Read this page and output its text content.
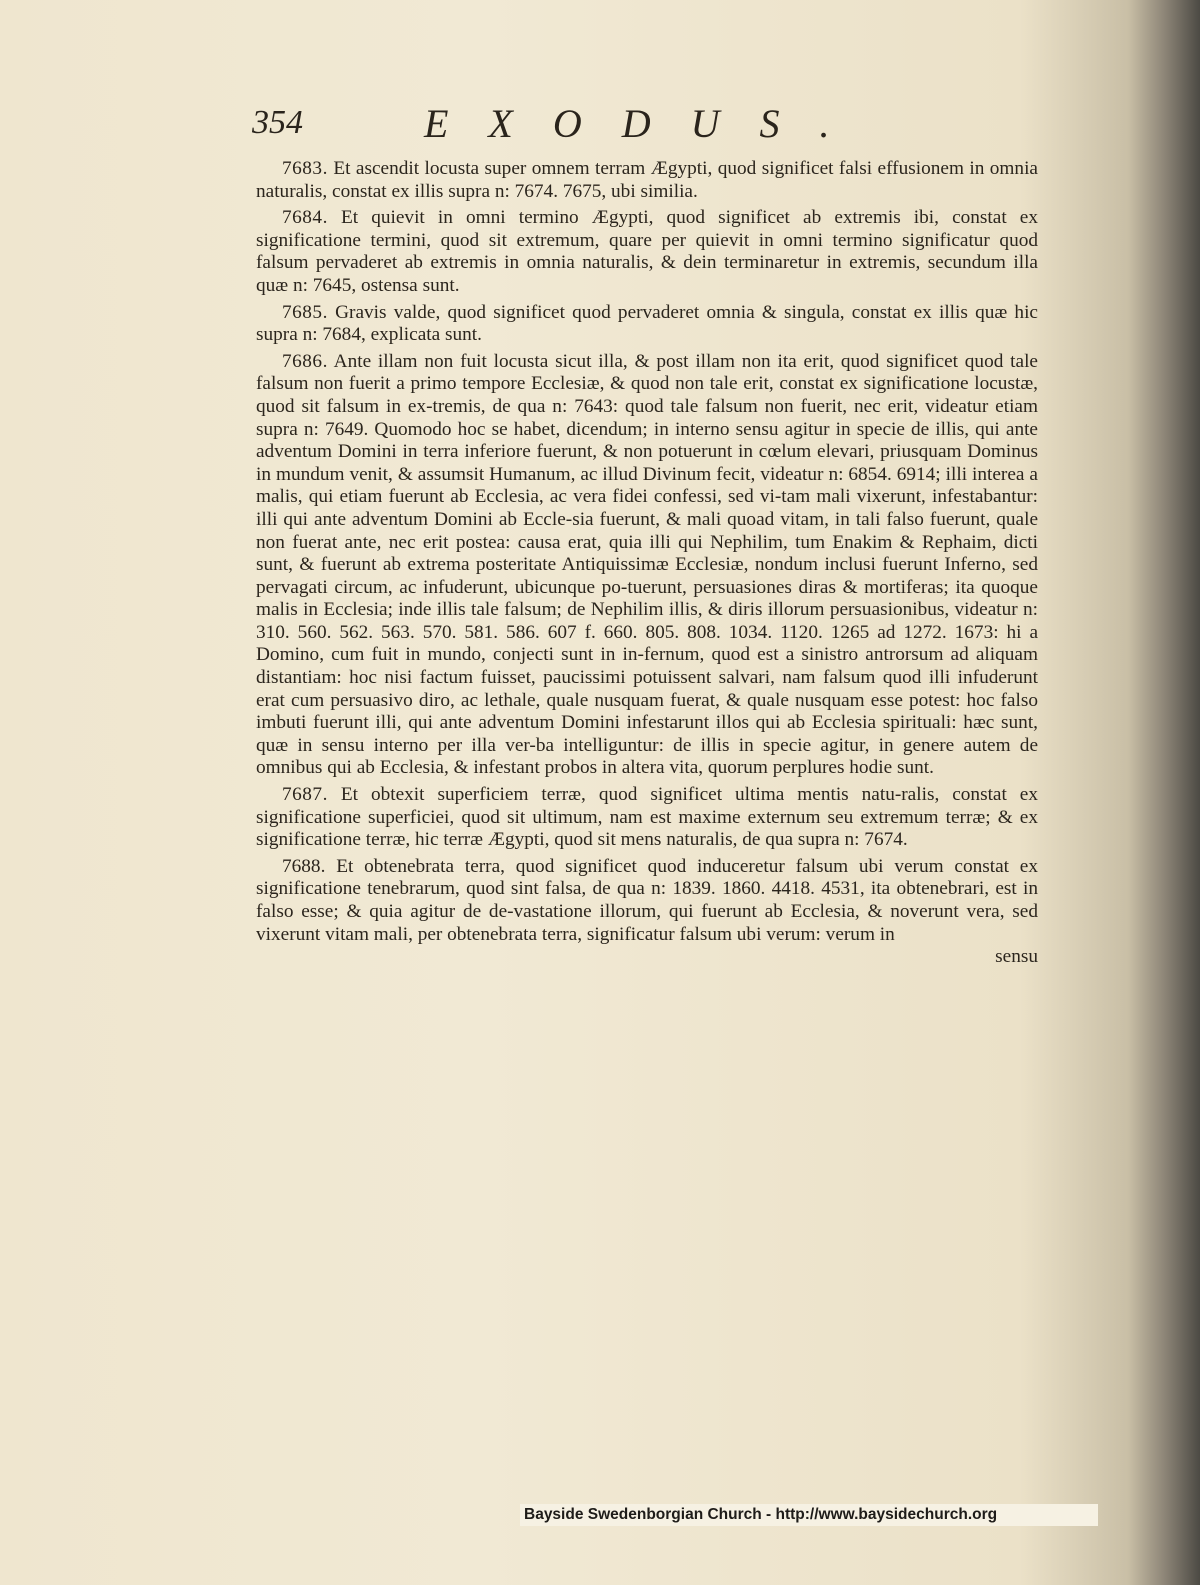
354	EXODUS.

7683. Et ascendit locusta super omnem terram Ægypti, quod significet falsi effusionem in omnia naturalis, constat ex illis supra n: 7674. 7675, ubi similia.

7684. Et quievit in omni termino Ægypti, quod significet ab extremis ibi, constat ex significatione termini, quod sit extremum, quare per quievit in omni termino significatur quod falsum pervaderet ab extremis in omnia naturalis, & dein terminaretur in extremis, secundum illa quæ n: 7645, ostensa sunt.

7685. Gravis valde, quod significet quod pervaderet omnia & singula, constat ex illis quæ hic supra n: 7684, explicata sunt.

7686. Ante illam non fuit locusta sicut illa, & post illam non ita erit, quod significet quod tale falsum non fuerit a primo tempore Ecclesiæ, & quod non tale erit, constat ex significatione locustæ, quod sit falsum in ex-tremis, de qua n: 7643: quod tale falsum non fuerit, nec erit, videatur etiam supra n: 7649. Quomodo hoc se habet, dicendum; in interno sensu agitur in specie de illis, qui ante adventum Domini in terra inferiore fuerunt, & non potuerunt in cœlum elevari, priusquam Dominus in mundum venit, & assumsit Humanum, ac illud Divinum fecit, videatur n: 6854. 6914; illi interea a malis, qui etiam fuerunt ab Ecclesia, ac vera fidei confessi, sed vi-tam mali vixerunt, infestabantur: illi qui ante adventum Domini ab Eccle-sia fuerunt, & mali quoad vitam, in tali falso fuerunt, quale non fuerat ante, nec erit postea: causa erat, quia illi qui Nephilim, tum Enakim & Rephaim, dicti sunt, & fuerunt ab extrema posteritate Antiquissimæ Ecclesiæ, nondum inclusi fuerunt Inferno, sed pervagati circum, ac infuderunt, ubicunque po-tuerunt, persuasiones diras & mortiferas; ita quoque malis in Ecclesia; inde illis tale falsum; de Nephilim illis, & diris illorum persuasionibus, videatur n: 310. 560. 562. 563. 570. 581. 586. 607 f. 660. 805. 808. 1034. 1120. 1265 ad 1272. 1673: hi a Domino, cum fuit in mundo, conjecti sunt in in-fernum, quod est a sinistro antrorsum ad aliquam distantiam: hoc nisi factum fuisset, paucissimi potuissent salvari, nam falsum quod illi infuderunt erat cum persuasivo diro, ac lethale, quale nusquam fuerat, & quale nusquam esse potest: hoc falso imbuti fuerunt illi, qui ante adventum Domini infestarunt illos qui ab Ecclesia spirituali: hæc sunt, quæ in sensu interno per illa ver-ba intelliguntur: de illis in specie agitur, in genere autem de omnibus qui ab Ecclesia, & infestant probos in altera vita, quorum perplures hodie sunt.

7687. Et obtexit superficiem terræ, quod significet ultima mentis natu-ralis, constat ex significatione superficiei, quod sit ultimum, nam est maxime externum seu extremum terræ; & ex significatione terræ, hic terræ Ægypti, quod sit mens naturalis, de qua supra n: 7674.

7688. Et obtenebrata terra, quod significet quod induceretur falsum ubi verum constat ex significatione tenebrarum, quod sint falsa, de qua n: 1839. 1860. 4418. 4531, ita obtenebrari, est in falso esse; & quia agitur de de-vastatione illorum, qui fuerunt ab Ecclesia, & noverunt vera, sed vixerunt vitam mali, per obtenebrata terra, significatur falsum ubi verum: verum in

sensu
Bayside Swedenborgian Church - http://www.baysidechurch.org
